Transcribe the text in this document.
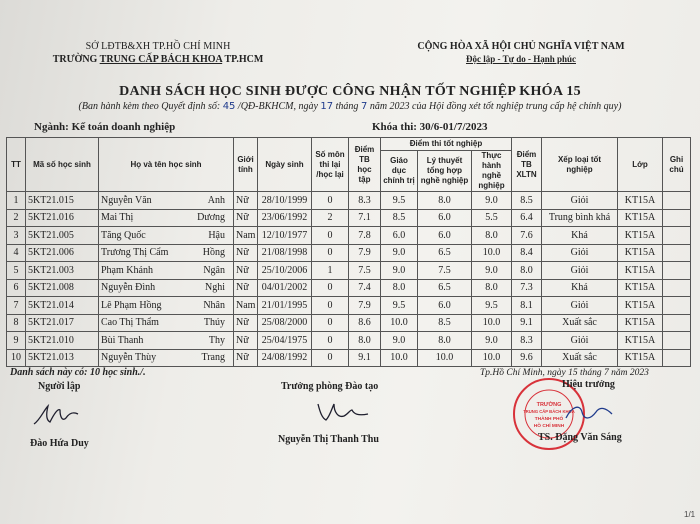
SỞ LĐTB&XH TP.HỒ CHÍ MINH
TRƯỜNG TRUNG CẤP BÁCH KHOA TP.HCM
CỘNG HÒA XÃ HỘI CHỦ NGHĨA VIỆT NAM
Độc lập - Tự do - Hạnh phúc
DANH SÁCH HỌC SINH ĐƯỢC CÔNG NHẬN TỐT NGHIỆP KHÓA 15
(Ban hành kèm theo Quyết định số: 45 /QĐ-BKHCM, ngày 17 tháng 7 năm 2023 của Hội đồng xét tốt nghiệp trung cấp hệ chính quy)
Ngành: Kế toán doanh nghiệp	Khóa thi: 30/6-01/7/2023
TT	Mã số học sinh	Họ và tên học sinh	Giới tính	Ngày sinh	Số môn thi lại /học lại	Điểm TB học tập	Điểm thi tốt nghiệp			Điểm TB XLTN	Xếp loại tốt nghiệp	Lớp	Ghi chú
							Giáo dục chính trị	Lý thuyết tổng hợp nghề nghiệp	Thực hành nghề nghiệp				
1	5KT21.015	Nguyễn Văn Anh	Nữ	28/10/1999	0	8.3	9.5	8.0	9.0	8.5	Giỏi	KT15A	
2	5KT21.016	Mai Thị Dương	Nữ	23/06/1992	2	7.1	8.5	6.0	5.5	6.4	Trung bình khá	KT15A	
3	5KT21.005	Tăng Quốc Hậu	Nam	12/10/1977	0	7.8	6.0	6.0	8.0	7.6	Khá	KT15A	
4	5KT21.006	Trương Thị Cẩm Hồng	Nữ	21/08/1998	0	7.9	9.0	6.5	10.0	8.4	Giỏi	KT15A	
5	5KT21.003	Phạm Khánh Ngân	Nữ	25/10/2006	1	7.5	9.0	7.5	9.0	8.0	Giỏi	KT15A	
6	5KT21.008	Nguyễn Đình Nghi	Nữ	04/01/2002	0	7.4	8.0	6.5	8.0	7.3	Khá	KT15A	
7	5KT21.014	Lê Phạm Hồng Nhân	Nam	21/01/1995	0	7.9	9.5	6.0	9.5	8.1	Giỏi	KT15A	
8	5KT21.017	Cao Thị Thẩm Thúy	Nữ	25/08/2000	0	8.6	10.0	8.5	10.0	9.1	Xuất sắc	KT15A	
9	5KT21.010	Bùi Thanh Thy	Nữ	25/04/1975	0	8.0	9.0	8.0	9.0	8.3	Giỏi	KT15A	
10	5KT21.013	Nguyễn Thùy Trang	Nữ	24/08/1992	0	9.1	10.0	10.0	10.0	9.6	Xuất sắc	KT15A	
Danh sách này có: 10 học sinh./.
Người lập
Đào Hứa Duy
Trưởng phòng Đào tạo
Nguyễn Thị Thanh Thu
Tp.Hồ Chí Minh, ngày 15 tháng 7 năm 2023
TRƯỜNG
TRUNG CẤP BÁCH KHOA
THÀNH PHỐ
HỒ CHÍ MINH
Hiệu trưởng
TS. Đặng Văn Sáng
1/1
